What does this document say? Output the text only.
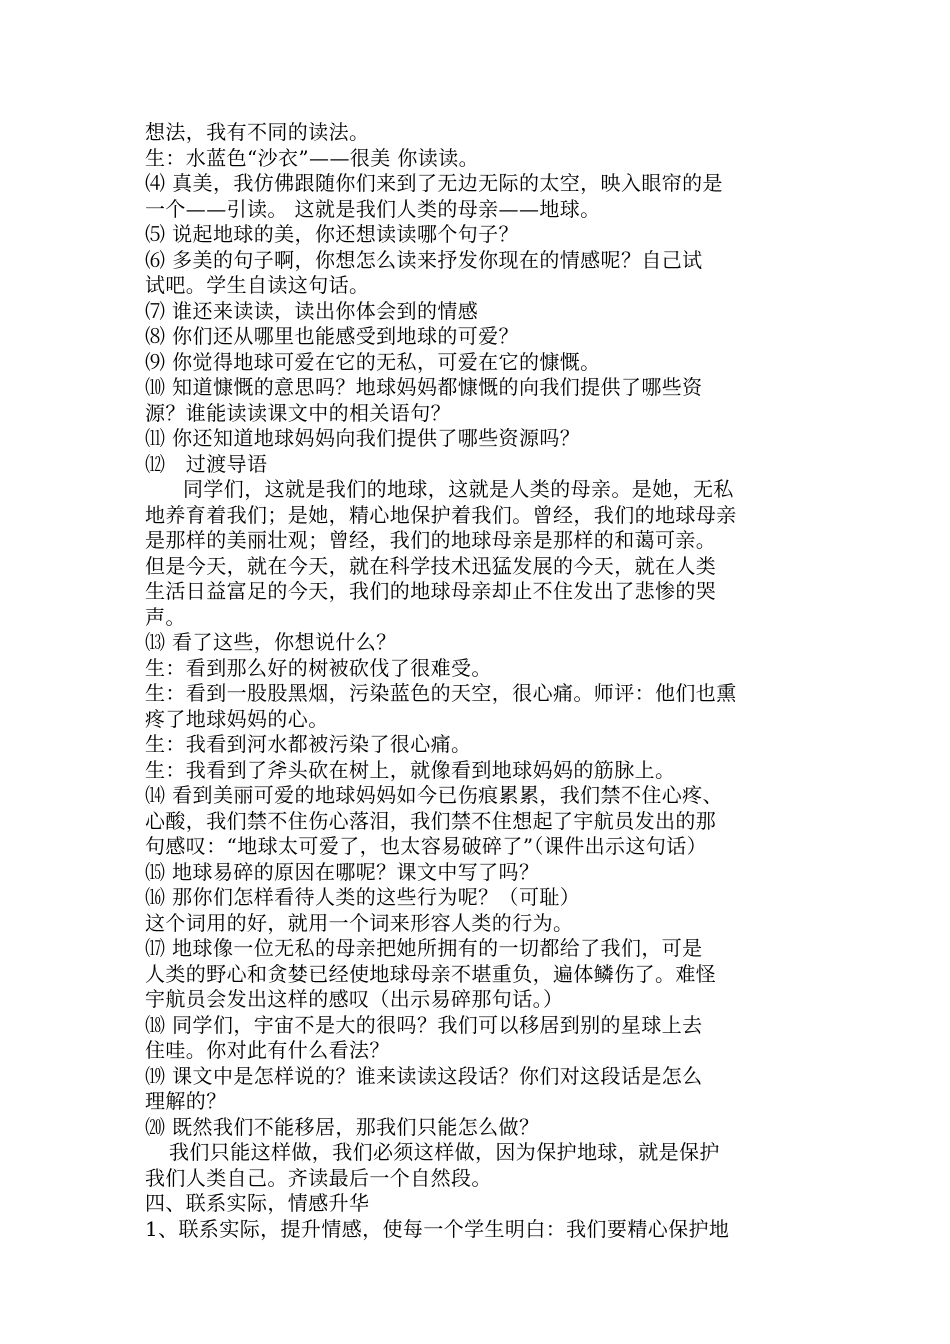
想法，我有不同的读法。
生：水蓝色“沙衣”——很美 你读读。
⑷ 真美，我仿佛跟随你们来到了无边无际的太空，映入眼帘的是
一个——引读。 这就是我们人类的母亲——地球。
⑸ 说起地球的美，你还想读读哪个句子？
⑹ 多美的句子啊，你想怎么读来抒发你现在的情感呢？自己试
试吧。学生自读这句话。
⑺ 谁还来读读，读出你体会到的情感
⑻ 你们还从哪里也能感受到地球的可爱？
⑼ 你觉得地球可爱在它的无私，可爱在它的慷慨。
⑽ 知道慷慨的意思吗？地球妈妈都慷慨的向我们提供了哪些资
源？谁能读读课文中的相关语句？
⑾ 你还知道地球妈妈向我们提供了哪些资源吗？
⑿　过渡导语
同学们，这就是我们的地球，这就是人类的母亲。是她，无私
地养育着我们；是她，精心地保护着我们。曾经，我们的地球母亲
是那样的美丽壮观；曾经，我们的地球母亲是那样的和蔼可亲。
但是今天，就在今天，就在科学技术迅猛发展的今天，就在人类
生活日益富足的今天，我们的地球母亲却止不住发出了悲惨的哭
声。
⒀ 看了这些，你想说什么？
生：看到那么好的树被砍伐了很难受。
生：看到一股股黑烟，污染蓝色的天空，很心痛。师评：他们也熏
疼了地球妈妈的心。
生：我看到河水都被污染了很心痛。
生：我看到了斧头砍在树上，就像看到地球妈妈的筋脉上。
⒁ 看到美丽可爱的地球妈妈如今已伤痕累累，我们禁不住心疼、
心酸，我们禁不住伤心落泪，我们禁不住想起了宇航员发出的那
句感叹：“地球太可爱了，也太容易破碎了”（课件出示这句话）
⒂ 地球易碎的原因在哪呢？课文中写了吗？
⒃ 那你们怎样看待人类的这些行为呢？（可耻）
这个词用的好，就用一个词来形容人类的行为。
⒄ 地球像一位无私的母亲把她所拥有的一切都给了我们，可是
人类的野心和贪婪已经使地球母亲不堪重负，遍体鳞伤了。难怪
宇航员会发出这样的感叹（出示易碎那句话。）
⒅ 同学们，宇宙不是大的很吗？我们可以移居到别的星球上去
住哇。你对此有什么看法？
⒆ 课文中是怎样说的？谁来读读这段话？你们对这段话是怎么
理解的？
⒇ 既然我们不能移居，那我们只能怎么做？
我们只能这样做，我们必须这样做，因为保护地球，就是保护
我们人类自己。齐读最后一个自然段。
四、联系实际，情感升华
1、联系实际，提升情感，使每一个学生明白：我们要精心保护地
